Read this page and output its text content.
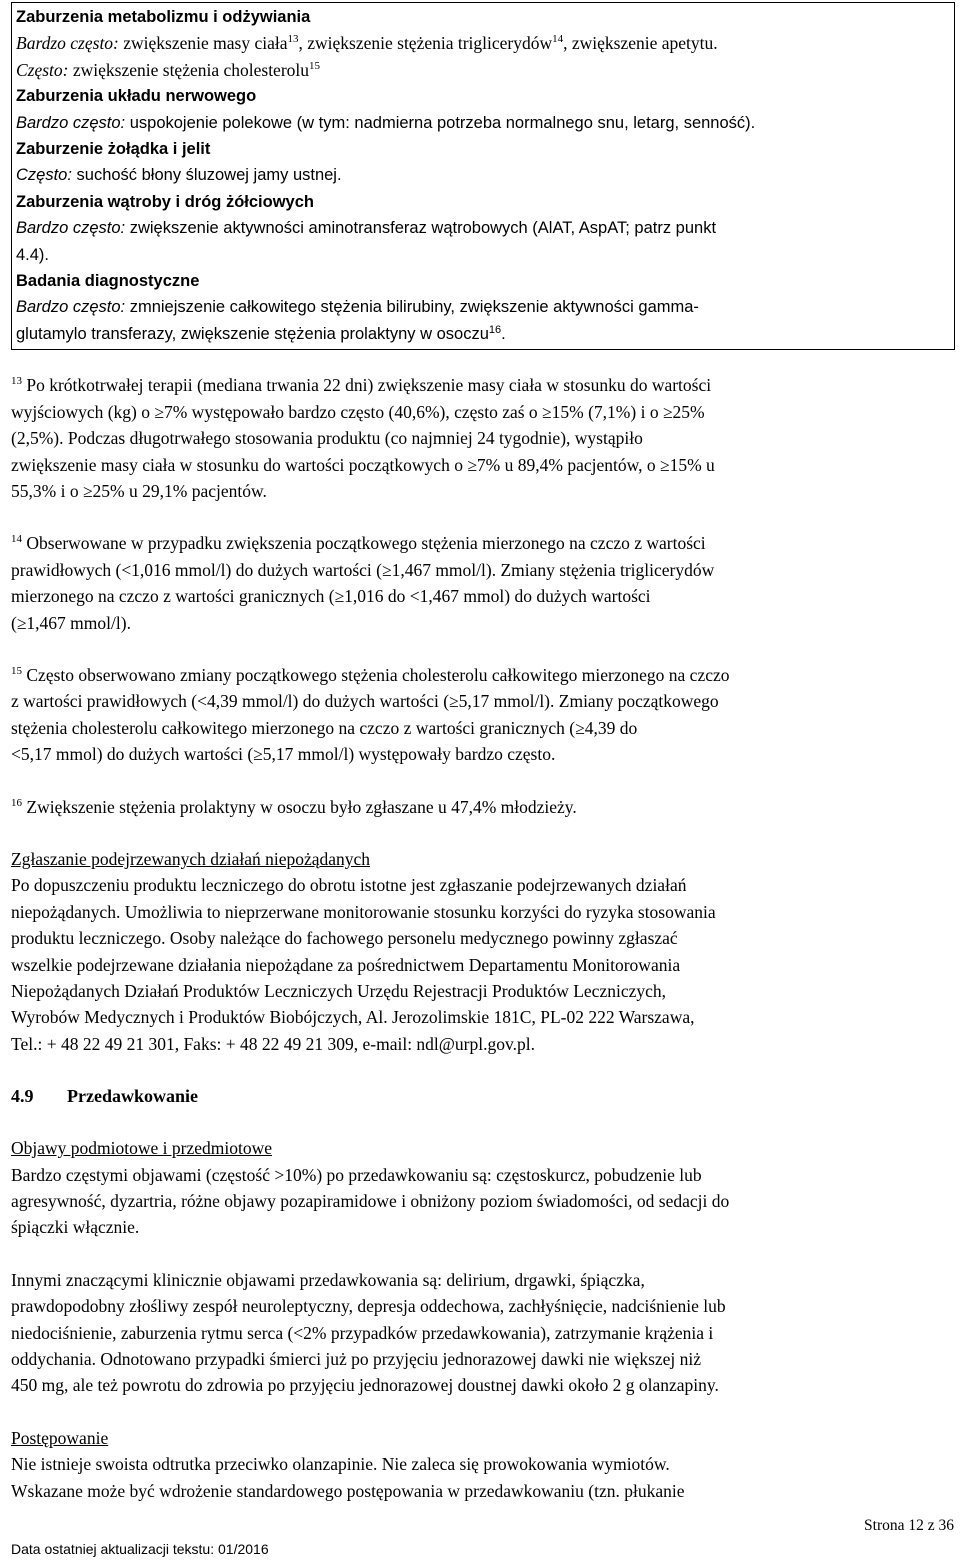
Zaburzenia metabolizmu i odżywiania
Bardzo często: zwiększenie masy ciała$^{13}$, zwiększenie stężenia triglicerydów$^{14}$, zwiększenie apetytu.
Często: zwiększenie stężenia cholesterolu$^{15}$
Zaburzenia układu nerwowego
Bardzo często: uspokojenie polekowe (w tym: nadmierna potrzeba normalnego snu, letarg, senność).
Zaburzenie żołądka i jelit
Często: suchość błony śluzowej jamy ustnej.
Zaburzenia wątroby i dróg żółciowych
Bardzo często: zwiększenie aktywności aminotransferaz wątrobowych (AlAT, AspAT; patrz punkt
4.4).
Badania diagnostyczne
Bardzo często: zmniejszenie całkowitego stężenia bilirubiny, zwiększenie aktywności gamma-
glutamylo transferazy, zwiększenie stężenia prolaktyny w osoczu$^{16}$.

$^{13}$ Po krótkotrwałej terapii (mediana trwania 22 dni) zwiększenie masy ciała w stosunku do wartości

wyjściowych (kg) o ≥7% występowało bardzo często (40,6%), często zaś o ≥15% (7,1%) i o ≥25%

(2,5%). Podczas długotrwałego stosowania produktu (co najmniej 24 tygodnie), wystąpiło

zwiększenie masy ciała w stosunku do wartości początkowych o ≥7% u 89,4% pacjentów, o ≥15% u

55,3% i o ≥25% u 29,1% pacjentów.

$^{14}$ Obserwowane w przypadku zwiększenia początkowego stężenia mierzonego na czczo z wartości

prawidłowych (<1,016 mmol/l) do dużych wartości (≥1,467 mmol/l). Zmiany stężenia triglicerydów

mierzonego na czczo z wartości granicznych (≥1,016 do <1,467 mmol) do dużych wartości

(≥1,467 mmol/l).

$^{15}$ Często obserwowano zmiany początkowego stężenia cholesterolu całkowitego mierzonego na czczo

z wartości prawidłowych (<4,39 mmol/l) do dużych wartości (≥5,17 mmol/l). Zmiany początkowego

stężenia cholesterolu całkowitego mierzonego na czczo z wartości granicznych (≥4,39 do

<5,17 mmol) do dużych wartości (≥5,17 mmol/l) występowały bardzo często.

$^{16}$ Zwiększenie stężenia prolaktyny w osoczu było zgłaszane u 47,4% młodzieży.

Zgłaszanie podejrzewanych działań niepożądanych

Po dopuszczeniu produktu leczniczego do obrotu istotne jest zgłaszanie podejrzewanych działań

niepożądanych. Umożliwia to nieprzerwane monitorowanie stosunku korzyści do ryzyka stosowania

produktu leczniczego. Osoby należące do fachowego personelu medycznego powinny zgłaszać

wszelkie podejrzewane działania niepożądane za pośrednictwem Departamentu Monitorowania

Niepożądanych Działań Produktów Leczniczych Urzędu Rejestracji Produktów Leczniczych,

Wyrobów Medycznych i Produktów Biobójczych, Al. Jerozolimskie 181C, PL-02 222 Warszawa,

Tel.: + 48 22 49 21 301, Faks: + 48 22 49 21 309, e-mail: ndl@urpl.gov.pl.

4.9 Przedawkowanie

Objawy podmiotowe i przedmiotowe

Bardzo częstymi objawami (częstość >10%) po przedawkowaniu są: częstoskurcz, pobudzenie lub

agresywność, dyzartria, różne objawy pozapiramidowe i obniżony poziom świadomości, od sedacji do

śpiączki włącznie.

Innymi znaczącymi klinicznie objawami przedawkowania są: delirium, drgawki, śpiączka,

prawdopodobny złośliwy zespół neuroleptyczny, depresja oddechowa, zachłyśnięcie, nadciśnienie lub

niedociśnienie, zaburzenia rytmu serca (<2% przypadków przedawkowania), zatrzymanie krążenia i

oddychania. Odnotowano przypadki śmierci już po przyjęciu jednorazowej dawki nie większej niż

450 mg, ale też powrotu do zdrowia po przyjęciu jednorazowej doustnej dawki około 2 g olanzapiny.

Postępowanie

Nie istnieje swoista odtrutka przeciwko olanzapinie. Nie zaleca się prowokowania wymiotów.

Wskazane może być wdrożenie standardowego postępowania w przedawkowaniu (tzn. płukanie

Strona 12 z 36
Data ostatniej aktualizacji tekstu: 01/2016
